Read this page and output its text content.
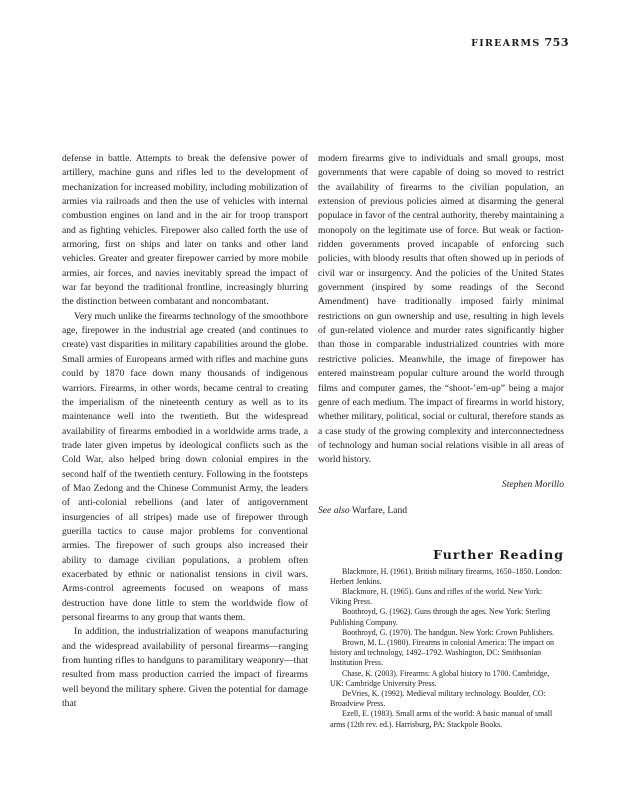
FIREARMS 753

defense in battle. Attempts to break the defensive power of artillery, machine guns and rifles led to the development of mechanization for increased mobility, including mobilization of armies via railroads and then the use of vehicles with internal combustion engines on land and in the air for troop transport and as fighting vehicles. Firepower also called forth the use of armoring, first on ships and later on tanks and other land vehicles. Greater and greater firepower carried by more mobile armies, air forces, and navies inevitably spread the impact of war far beyond the traditional frontline, increasingly blurring the distinction between combatant and noncombatant.

Very much unlike the firearms technology of the smoothbore age, firepower in the industrial age created (and continues to create) vast disparities in military capabilities around the globe. Small armies of Europeans armed with rifles and machine guns could by 1870 face down many thousands of indigenous warriors. Firearms, in other words, became central to creating the imperialism of the nineteenth century as well as to its maintenance well into the twentieth. But the widespread availability of firearms embodied in a worldwide arms trade, a trade later given impetus by ideological conflicts such as the Cold War, also helped bring down colonial empires in the second half of the twentieth century. Following in the footsteps of Mao Zedong and the Chinese Communist Army, the leaders of anti-colonial rebellions (and later of antigovernment insurgencies of all stripes) made use of firepower through guerilla tactics to cause major problems for conventional armies. The firepower of such groups also increased their ability to damage civilian populations, a problem often exacerbated by ethnic or nationalist tensions in civil wars. Arms-control agreements focused on weapons of mass destruction have done little to stem the worldwide flow of personal firearms to any group that wants them.

In addition, the industrialization of weapons manufacturing and the widespread availability of personal firearms—ranging from hunting rifles to handguns to paramilitary weaponry—that resulted from mass production carried the impact of firearms well beyond the military sphere. Given the potential for damage that

modern firearms give to individuals and small groups, most governments that were capable of doing so moved to restrict the availability of firearms to the civilian population, an extension of previous policies aimed at disarming the general populace in favor of the central authority, thereby maintaining a monopoly on the legitimate use of force. But weak or faction-ridden governments proved incapable of enforcing such policies, with bloody results that often showed up in periods of civil war or insurgency. And the policies of the United States government (inspired by some readings of the Second Amendment) have traditionally imposed fairly minimal restrictions on gun ownership and use, resulting in high levels of gun-related violence and murder rates significantly higher than those in comparable industrialized countries with more restrictive policies. Meanwhile, the image of firepower has entered mainstream popular culture around the world through films and computer games, the “shoot-’em-up” being a major genre of each medium. The impact of firearms in world history, whether military, political, social or cultural, therefore stands as a case study of the growing complexity and interconnectedness of technology and human social relations visible in all areas of world history.

Stephen Morillo
See also Warfare, Land
Further Reading

Blackmore, H. (1961). British military firearms, 1650–1850. London: Herbert Jenkins.

Blackmore, H. (1965). Guns and rifles of the world. New York: Viking Press.

Boothroyd, G. (1962). Guns through the ages. New York: Sterling Publishing Company.

Boothroyd, G. (1970). The handgun. New York: Crown Publishers.

Brown, M. L. (1980). Firearms in colonial America: The impact on history and technology, 1492–1792. Washington, DC: Smithsonian Institution Press.

Chase, K. (2003). Firearms: A global history to 1700. Cambridge, UK: Cambridge University Press.

DeVries, K. (1992). Medieval military technology. Boulder, CO: Broadview Press.

Ezell, E. (1983). Small arms of the world: A basic manual of small arms (12th rev. ed.). Harrisburg, PA: Stackpole Books.
